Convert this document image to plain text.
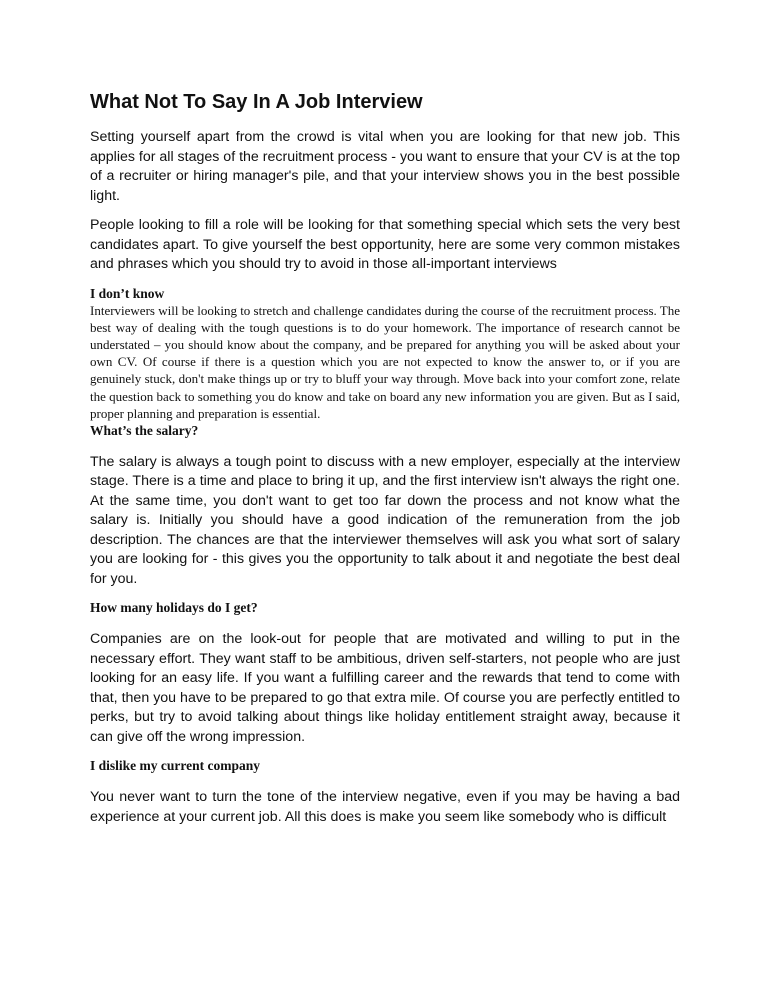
What Not To Say In A Job Interview

Setting yourself apart from the crowd is vital when you are looking for that new job. This applies for all stages of the recruitment process - you want to ensure that your CV is at the top of a recruiter or hiring manager's pile, and that your interview shows you in the best possible light.

People looking to fill a role will be looking for that something special which sets the very best candidates apart. To give yourself the best opportunity, here are some very common mistakes and phrases which you should try to avoid in those all-important interviews

I don’t know

Interviewers will be looking to stretch and challenge candidates during the course of the recruitment process. The best way of dealing with the tough questions is to do your homework. The importance of research cannot be understated – you should know about the company, and be prepared for anything you will be asked about your own CV. Of course if there is a question which you are not expected to know the answer to, or if you are genuinely stuck, don't make things up or try to bluff your way through. Move back into your comfort zone, relate the question back to something you do know and take on board any new information you are given. But as I said, proper planning and preparation is essential.

What’s the salary?

The salary is always a tough point to discuss with a new employer, especially at the interview stage. There is a time and place to bring it up, and the first interview isn't always the right one. At the same time, you don't want to get too far down the process and not know what the salary is. Initially you should have a good indication of the remuneration from the job description. The chances are that the interviewer themselves will ask you what sort of salary you are looking for - this gives you the opportunity to talk about it and negotiate the best deal for you.

How many holidays do I get?

Companies are on the look-out for people that are motivated and willing to put in the necessary effort. They want staff to be ambitious, driven self-starters, not people who are just looking for an easy life. If you want a fulfilling career and the rewards that tend to come with that, then you have to be prepared to go that extra mile. Of course you are perfectly entitled to perks, but try to avoid talking about things like holiday entitlement straight away, because it can give off the wrong impression.

I dislike my current company

You never want to turn the tone of the interview negative, even if you may be having a bad experience at your current job. All this does is make you seem like somebody who is difficult
